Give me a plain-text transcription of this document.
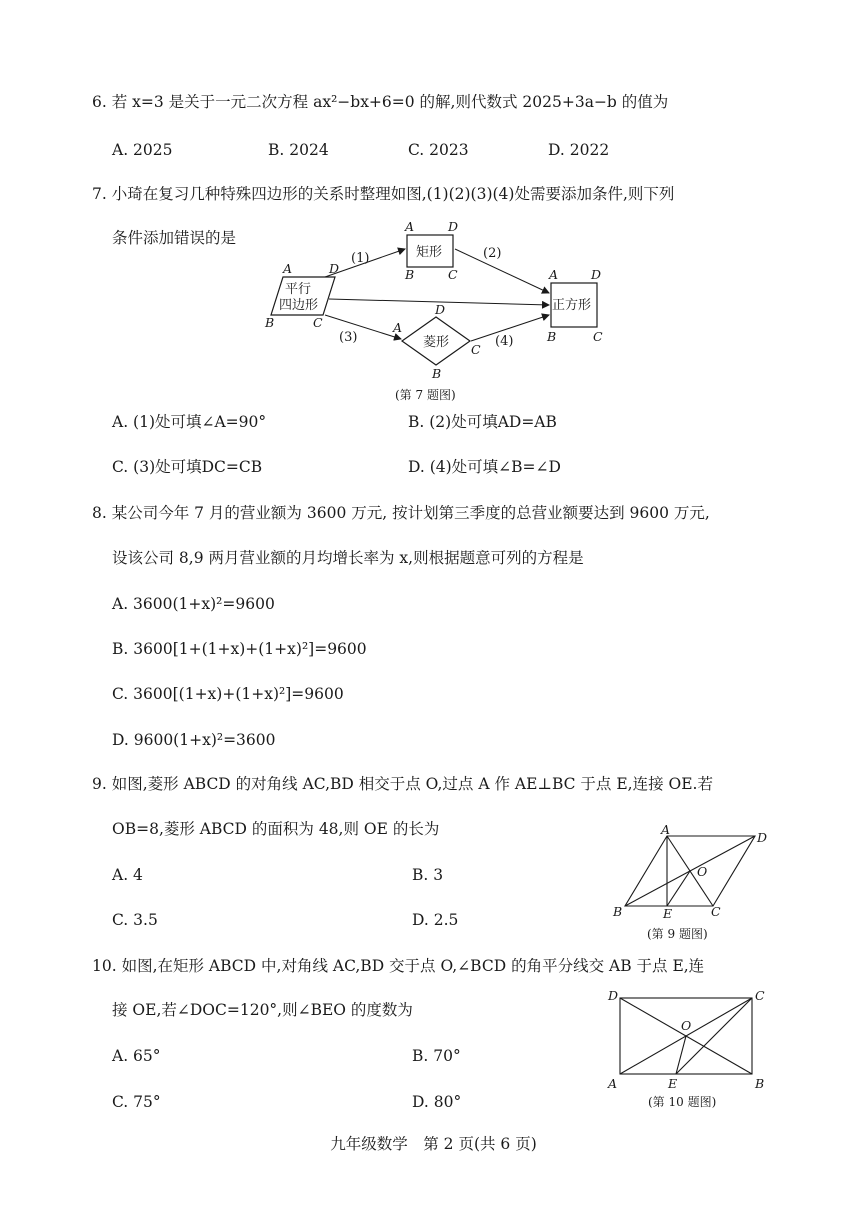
6. 若 x=3 是关于一元二次方程 ax²−bx+6=0 的解,则代数式 2025+3a−b 的值为
A. 2025	B. 2024	C. 2023	D. 2022
7. 小琦在复习几种特殊四边形的关系时整理如图,(1)(2)(3)(4)处需要添加条件,则下列
条件添加错误的是
平行
四边形
A	D
B	C
矩形
A	D
B	C
菱形
D
A
C
B
正方形
A	D
B	C
(1)	(2)
(3)	(4)
(第 7 题图)
A. (1)处可填∠A=90°	B. (2)处可填AD=AB
C. (3)处可填DC=CB	D. (4)处可填∠B=∠D
8. 某公司今年 7 月的营业额为 3600 万元, 按计划第三季度的总营业额要达到 9600 万元,
设该公司 8,9 两月营业额的月均增长率为 x,则根据题意可列的方程是
A. 3600(1+x)²=9600
B. 3600[1+(1+x)+(1+x)²]=9600
C. 3600[(1+x)+(1+x)²]=9600
D. 9600(1+x)²=3600
9. 如图,菱形 ABCD 的对角线 AC,BD 相交于点 O,过点 A 作 AE⊥BC 于点 E,连接 OE.若
OB=8,菱形 ABCD 的面积为 48,则 OE 的长为
A. 4	B. 3
C. 3.5	D. 2.5
A
D
B	E	C
O
(第 9 题图)
10. 如图,在矩形 ABCD 中,对角线 AC,BD 交于点 O,∠BCD 的角平分线交 AB 于点 E,连
接 OE,若∠DOC=120°,则∠BEO 的度数为
A. 65°	B. 70°
C. 75°	D. 80°
D	C
A	B
E
O
(第 10 题图)
九年级数学　第 2 页(共 6 页)
